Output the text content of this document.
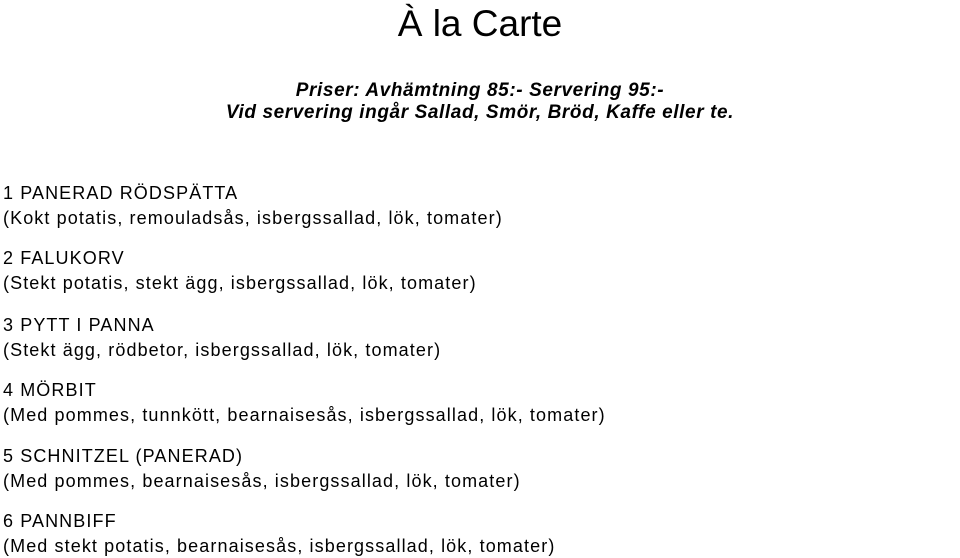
À la Carte
Priser: Avhämtning 85:- Servering 95:-
Vid servering ingår Sallad, Smör, Bröd, Kaffe eller te.
1 PANERAD RÖDSPÄTTA
(Kokt potatis, remouladsås, isbergssallad, lök, tomater)
2 FALUKORV
(Stekt potatis, stekt ägg, isbergssallad, lök, tomater)
3 PYTT I PANNA
(Stekt ägg, rödbetor, isbergssallad, lök, tomater)
4 MÖRBIT
(Med pommes, tunnkött, bearnaisesås, isbergssallad, lök, tomater)
5 SCHNITZEL (PANERAD)
(Med pommes, bearnaisesås, isbergssallad, lök, tomater)
6 PANNBIFF
(Med stekt potatis, bearnaisesås, isbergssallad, lök, tomater)
